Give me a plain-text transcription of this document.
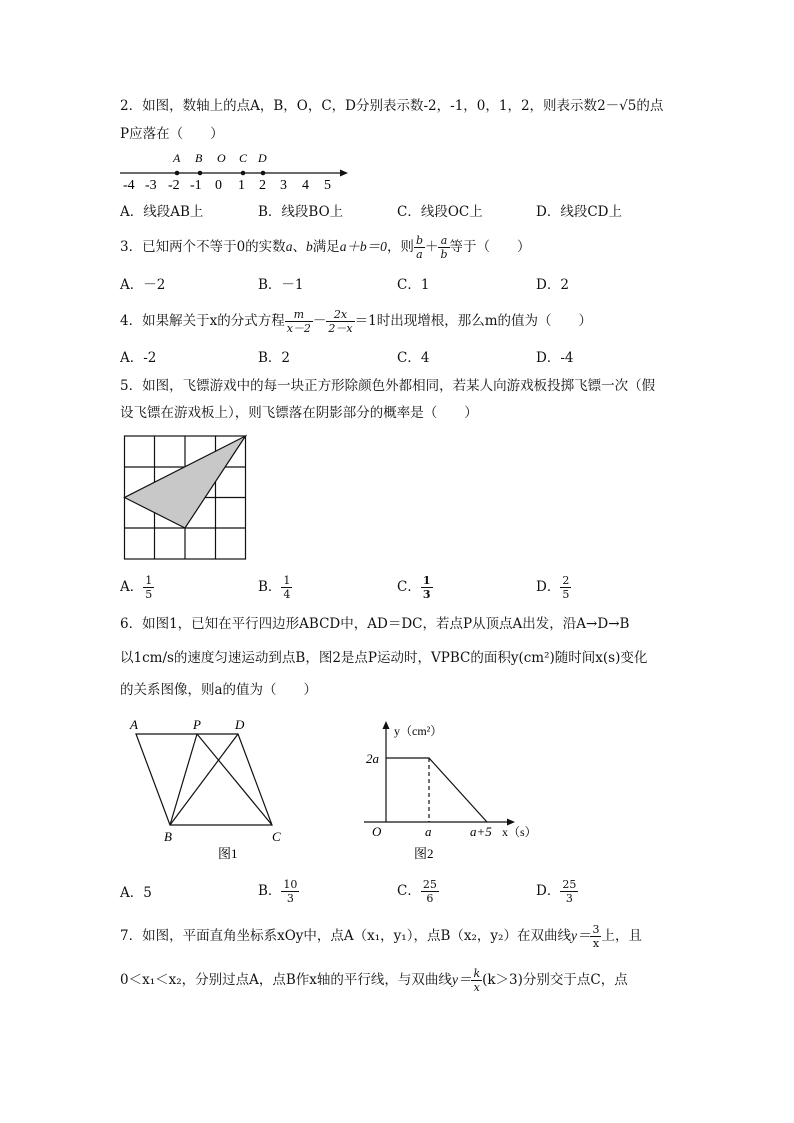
2．如图，数轴上的点A，B，O，C，D分别表示数-2，-1，0，1，2，则表示数2－√5的点
P应落在（　　）
A B O C D
-4 -3 -2 -1 0 1 2 3 4 5
A．线段AB上	B．线段BO上	C．线段OC上	D．线段CD上
3．已知两个不等于0的实数a、b满足a＋b＝0，则 $\frac{b}{a} + \frac{a}{b}$ 等于（　　）
A．－2	B．－1	C．1	D．2
4．如果解关于x的分式方程 $\frac{m}{x-2} - \frac{2x}{2-x} =1$时出现增根，那么m的值为（　　）
A．-2	B．2	C．4	D．-4
5．如图，飞镖游戏中的每一块正方形除颜色外都相同，若某人向游戏板投掷飞镖一次（假
设飞镖在游戏板上），则飞镖落在阴影部分的概率是（　　）
A． $\frac{1}{5}$	B． $\frac{1}{4}$	C． $\frac{1}{3}$	D． $\frac{2}{5}$
6．如图1，已知在平行四边形ABCD中，AD＝DC，若点P从顶点A出发，沿A→D→B
以1cm/s的速度匀速运动到点B，图2是点P运动时，VPBC的面积y(cm²)随时间x(s)变化
的关系图像，则a的值为（　　）
A	P	D
B	C
图1
y（cm²）
2a
O	a	a+5 x（s）
图2
A．5	B． $\frac{10}{3}$	C． $\frac{25}{6}$	D． $\frac{25}{3}$
7．如图，平面直角坐标系xOy中，点A（x₁，y₁），点B（x₂，y₂）在双曲线$y= \frac{3}{x}$ 上，且
0＜x₁＜x₂，分别过点A，点B作x轴的平行线，与双曲线$y= \frac{k}{x} (k>3)$分别交于点C，点
